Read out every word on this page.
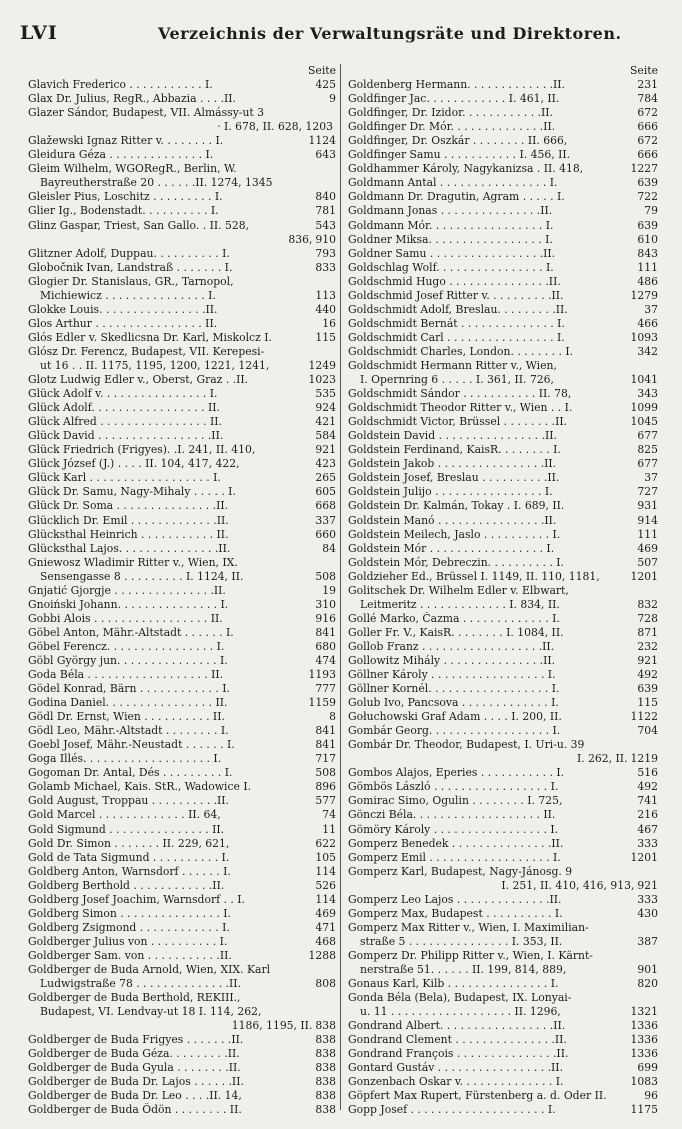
LVI	Verzeichnis der Verwaltungsräte und Direktoren.
Seite
Glavich Frederico . . . . . . . . . . . I.	425
Glax Dr. Julius, RegR., Abbazia . . . .II.	9
Glazer Sándor, Budapest, VII. Almássy-ut 3
· I. 678, II. 628, 1203
Glažewski Ignaz Ritter v. . . . . . . . I.	1124
Gleidura Géza . . . . . . . . . . . . . . I.	643
Gleim Wilhelm, WGORegR., Berlin, W.
Bayreutherstraße 20 . . . . . .II. 1274, 1345
Gleisler Pius, Loschitz . . . . . . . . . I.	840
Glier Ig., Bodenstadt. . . . . . . . . . I.	781
Glinz Gaspar, Triest, San Gallo. . II. 528,	543
836, 910
Glitzner Adolf, Duppau. . . . . . . . . . I.	793
Globočnik Ivan, Landstraß . . . . . . . I.	833
Glogier Dr. Stanislaus, GR., Tarnopol,
Michiewicz . . . . . . . . . . . . . . . I.	113
Glokke Louis. . . . . . . . . . . . . . . .II.	440
Glos Arthur . . . . . . . . . . . . . . . . II.	16
Glós Edler v. Skedlicsna Dr. Karl, Miskolcz I.	115
Glósz Dr. Ferencz, Budapest, VII. Kerepesi-
ut 16 . . II. 1175, 1195, 1200, 1221, 1241,	1249
Glotz Ludwig Edler v., Oberst, Graz . .II.	1023
Glück Adolf v. . . . . . . . . . . . . . . . I.	535
Glück Adolf. . . . . . . . . . . . . . . . . II.	924
Glück Alfred . . . . . . . . . . . . . . . . II.	421
Glück David . . . . . . . . . . . . . . . . .II.	584
Glück Friedrich (Frigyes). .I. 241, II. 410,	921
Glück József (J.) . . . . II. 104, 417, 422,	423
Glück Karl . . . . . . . . . . . . . . . . . . I.	265
Glück Dr. Samu, Nagy-Mihaly . . . . . I.	605
Glück Dr. Soma . . . . . . . . . . . . . . .II.	668
Glücklich Dr. Emil . . . . . . . . . . . . .II.	337
Glücksthal Heinrich . . . . . . . . . . . II.	660
Glücksthal Lajos. . . . . . . . . . . . . . .II.	84
Gniewosz Wladimir Ritter v., Wien, IX.
Sensengasse 8 . . . . . . . . . I. 1124, II.	508
Gnjatić Gjorgje . . . . . . . . . . . . . . .II.	19
Gnoiński Johann. . . . . . . . . . . . . . . I.	310
Gobbi Alois . . . . . . . . . . . . . . . . . II.	916
Göbel Anton, Mähr.-Altstadt . . . . . . I.	841
Göbel Ferencz. . . . . . . . . . . . . . . . I.	680
Göbl György jun. . . . . . . . . . . . . . . I.	474
Goda Béla . . . . . . . . . . . . . . . . . . II.	1193
Gödel Konrad, Bärn . . . . . . . . . . . . I.	777
Godina Daniel. . . . . . . . . . . . . . . . II.	1159
Gödl Dr. Ernst, Wien . . . . . . . . . . II.	8
Gödl Leo, Mähr.-Altstadt . . . . . . . . I.	841
Goebl Josef, Mähr.-Neustadt . . . . . . I.	841
Goga Illés. . . . . . . . . . . . . . . . . . . I.	717
Gogoman Dr. Antal, Dés . . . . . . . . . I.	508
Golamb Michael, Kais. StR., Wadowice I.	896
Gold August, Troppau . . . . . . . . . .II.	577
Gold Marcel . . . . . . . . . . . . . II. 64,	74
Gold Sigmund . . . . . . . . . . . . . . . II.	11
Gold Dr. Simon . . . . . . . II. 229, 621,	622
Gold de Tata Sigmund . . . . . . . . . . I.	105
Goldberg Anton, Warnsdorf . . . . . . I.	114
Goldberg Berthold . . . . . . . . . . . .II.	526
Goldberg Josef Joachim, Warnsdorf . . I.	114
Goldberg Simon . . . . . . . . . . . . . . . I.	469
Goldberg Zsigmond . . . . . . . . . . . . I.	471
Goldberger Julius von . . . . . . . . . . I.	468
Goldberger Sam. von . . . . . . . . . . .II.	1288
Goldberger de Buda Arnold, Wien, XIX. Karl
Ludwigstraße 78 . . . . . . . . . . . . . .II.	808
Goldberger de Buda Berthold, REKIII.,
Budapest, VI. Lendvay-ut 18 I. 114, 262,
1186, 1195, II. 838
Goldberger de Buda Frigyes . . . . . . .II.	838
Goldberger de Buda Géza. . . . . . . . .II.	838
Goldberger de Buda Gyula . . . . . . . .II.	838
Goldberger de Buda Dr. Lajos . . . . . .II.	838
Goldberger de Buda Dr. Leo . . . .II. 14,	838
Goldberger de Buda Ödön . . . . . . . . II.	838
Seite
Goldenberg Hermann. . . . . . . . . . . . .II.	231
Goldfinger Jac. . . . . . . . . . . . I. 461, II.	784
Goldfinger, Dr. Izidor. . . . . . . . . . . .II.	672
Goldfinger Dr. Mór. . . . . . . . . . . . . .II.	666
Goldfinger, Dr. Oszkár . . . . . . . . II. 666,	672
Goldfinger Samu . . . . . . . . . . . I. 456, II.	666
Goldhammer Károly, Nagykanizsa . II. 418,	1227
Goldmann Antal . . . . . . . . . . . . . . . . I.	639
Goldmann Dr. Dragutin, Agram . . . . . I.	722
Goldmann Jonas . . . . . . . . . . . . . . .II.	79
Goldmann Mór. . . . . . . . . . . . . . . . . I.	639
Goldner Miksa. . . . . . . . . . . . . . . . . I.	610
Goldner Samu . . . . . . . . . . . . . . . . .II.	843
Goldschlag Wolf. . . . . . . . . . . . . . . . I.	111
Goldschmid Hugo . . . . . . . . . . . . . . .II.	486
Goldschmid Josef Ritter v. . . . . . . . . .II.	1279
Goldschmidt Adolf, Breslau. . . . . . . . .II.	37
Goldschmidt Bernát . . . . . . . . . . . . . . I.	466
Goldschmidt Carl . . . . . . . . . . . . . . . . I.	1093
Goldschmidt Charles, London. . . . . . . . I.	342
Goldschmidt Hermann Ritter v., Wien,
I. Opernring 6 . . . . . I. 361, II. 726,	1041
Goldschmidt Sándor . . . . . . . . . . . II. 78,	343
Goldschmidt Theodor Ritter v., Wien . . I.	1099
Goldschmidt Victor, Brüssel . . . . . . . .II.	1045
Goldstein David . . . . . . . . . . . . . . . .II.	677
Goldstein Ferdinand, KaisR. . . . . . . . I.	825
Goldstein Jakob . . . . . . . . . . . . . . . .II.	677
Goldstein Josef, Breslau . . . . . . . . . .II.	37
Goldstein Julijo . . . . . . . . . . . . . . . . I.	727
Goldstein Dr. Kalmán, Tokay . I. 689, II.	931
Goldstein Manó . . . . . . . . . . . . . . . .II.	914
Goldstein Meilech, Jaslo . . . . . . . . . . I.	111
Goldstein Mór . . . . . . . . . . . . . . . . . I.	469
Goldstein Mór, Debreczin. . . . . . . . . . I.	507
Goldzieher Ed., Brüssel I. 1149, II. 110, 1181,	1201
Golitschek Dr. Wilhelm Edler v. Elbwart,
Leitmeritz . . . . . . . . . . . . . I. 834, II.	832
Gollé Marko, Čazma . . . . . . . . . . . . . I.	728
Goller Fr. V., KaisR. . . . . . . . I. 1084, II.	871
Gollob Franz . . . . . . . . . . . . . . . . . .II.	232
Gollowitz Mihály . . . . . . . . . . . . . . .II.	921
Göllner Károly . . . . . . . . . . . . . . . . . I.	492
Göllner Kornél. . . . . . . . . . . . . . . . . . I.	639
Golub Ivo, Pancsova . . . . . . . . . . . . . I.	115
Gołuchowski Graf Adam . . . . I. 200, II.	1122
Gombár Georg. . . . . . . . . . . . . . . . . . I.	704
Gombár Dr. Theodor, Budapest, I. Uri-u. 39
I. 262, II. 1219
Gombos Alajos, Eperies . . . . . . . . . . . I.	516
Gömbös László . . . . . . . . . . . . . . . . . I.	492
Gomirac Simo, Ogulin . . . . . . . . I. 725,	741
Gönczi Béla. . . . . . . . . . . . . . . . . . . II.	216
Gömöry Károly . . . . . . . . . . . . . . . . . I.	467
Gomperz Benedek . . . . . . . . . . . . . . .II.	333
Gomperz Emil . . . . . . . . . . . . . . . . . . I.	1201
Gomperz Karl, Budapest, Nagy-Jánosg. 9
I. 251, II. 410, 416, 913, 921
Gomperz Leo Lajos . . . . . . . . . . . . . .II.	333
Gomperz Max, Budapest . . . . . . . . . . I.	430
Gomperz Max Ritter v., Wien, I. Maximilian-
straße 5 . . . . . . . . . . . . . . . I. 353, II.	387
Gomperz Dr. Philipp Ritter v., Wien, I. Kärnt-
nerstraße 51. . . . . . II. 199, 814, 889,	901
Gonaus Karl, Kilb . . . . . . . . . . . . . . . I.	820
Gonda Béla (Bela), Budapest, IX. Lonyai-
u. 11 . . . . . . . . . . . . . . . . . . II. 1296,	1321
Gondrand Albert. . . . . . . . . . . . . . . . .II.	1336
Gondrand Clement . . . . . . . . . . . . . . .II.	1336
Gondrand François . . . . . . . . . . . . . . .II.	1336
Gontard Gustáv . . . . . . . . . . . . . . . . .II.	699
Gonzenbach Oskar v. . . . . . . . . . . . . . I.	1083
Göpfert Max Rupert, Fürstenberg a. d. Oder II.	96
Gopp Josef . . . . . . . . . . . . . . . . . . . . I.	1175
